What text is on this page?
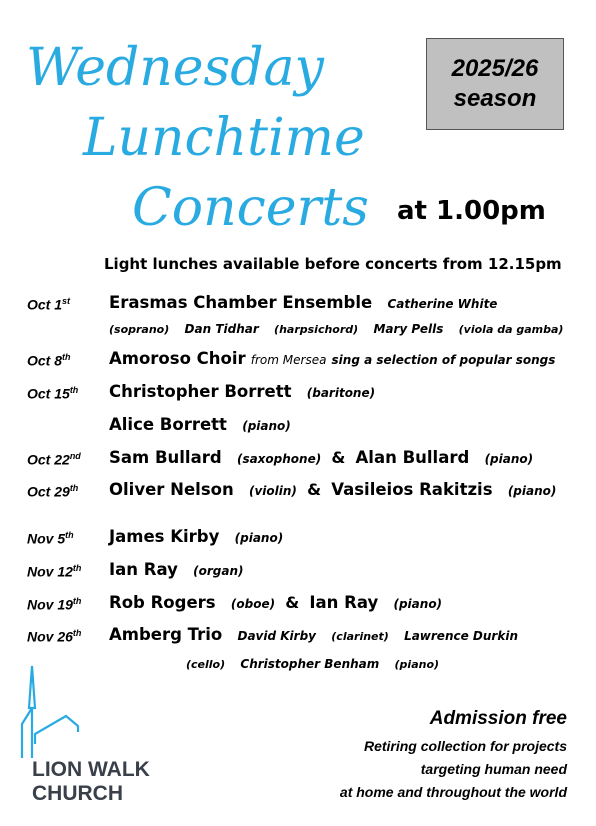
Wednesday
Lunchtime
Concerts at 1.00pm
2025/26
season
Light lunches available before concerts from 12.15pm
Oct 1st Erasmas Chamber Ensemble Catherine White
(soprano) Dan Tidhar (harpsichord) Mary Pells (viola da gamba)
Oct 8th Amoroso Choir from Mersea sing a selection of popular songs
Oct 15th Christopher Borrett (baritone)
Alice Borrett (piano)
Oct 22nd Sam Bullard (saxophone) & Alan Bullard (piano)
Oct 29th Oliver Nelson (violin) & Vasileios Rakitzis (piano)
Nov 5th James Kirby (piano)
Nov 12th Ian Ray (organ)
Nov 19th Rob Rogers (oboe) & Ian Ray (piano)
Nov 26th Amberg Trio David Kirby (clarinet) Lawrence Durkin
(cello) Christopher Benham (piano)
LION WALK
CHURCH
Admission free
Retiring collection for projects
targeting human need
at home and throughout the world
